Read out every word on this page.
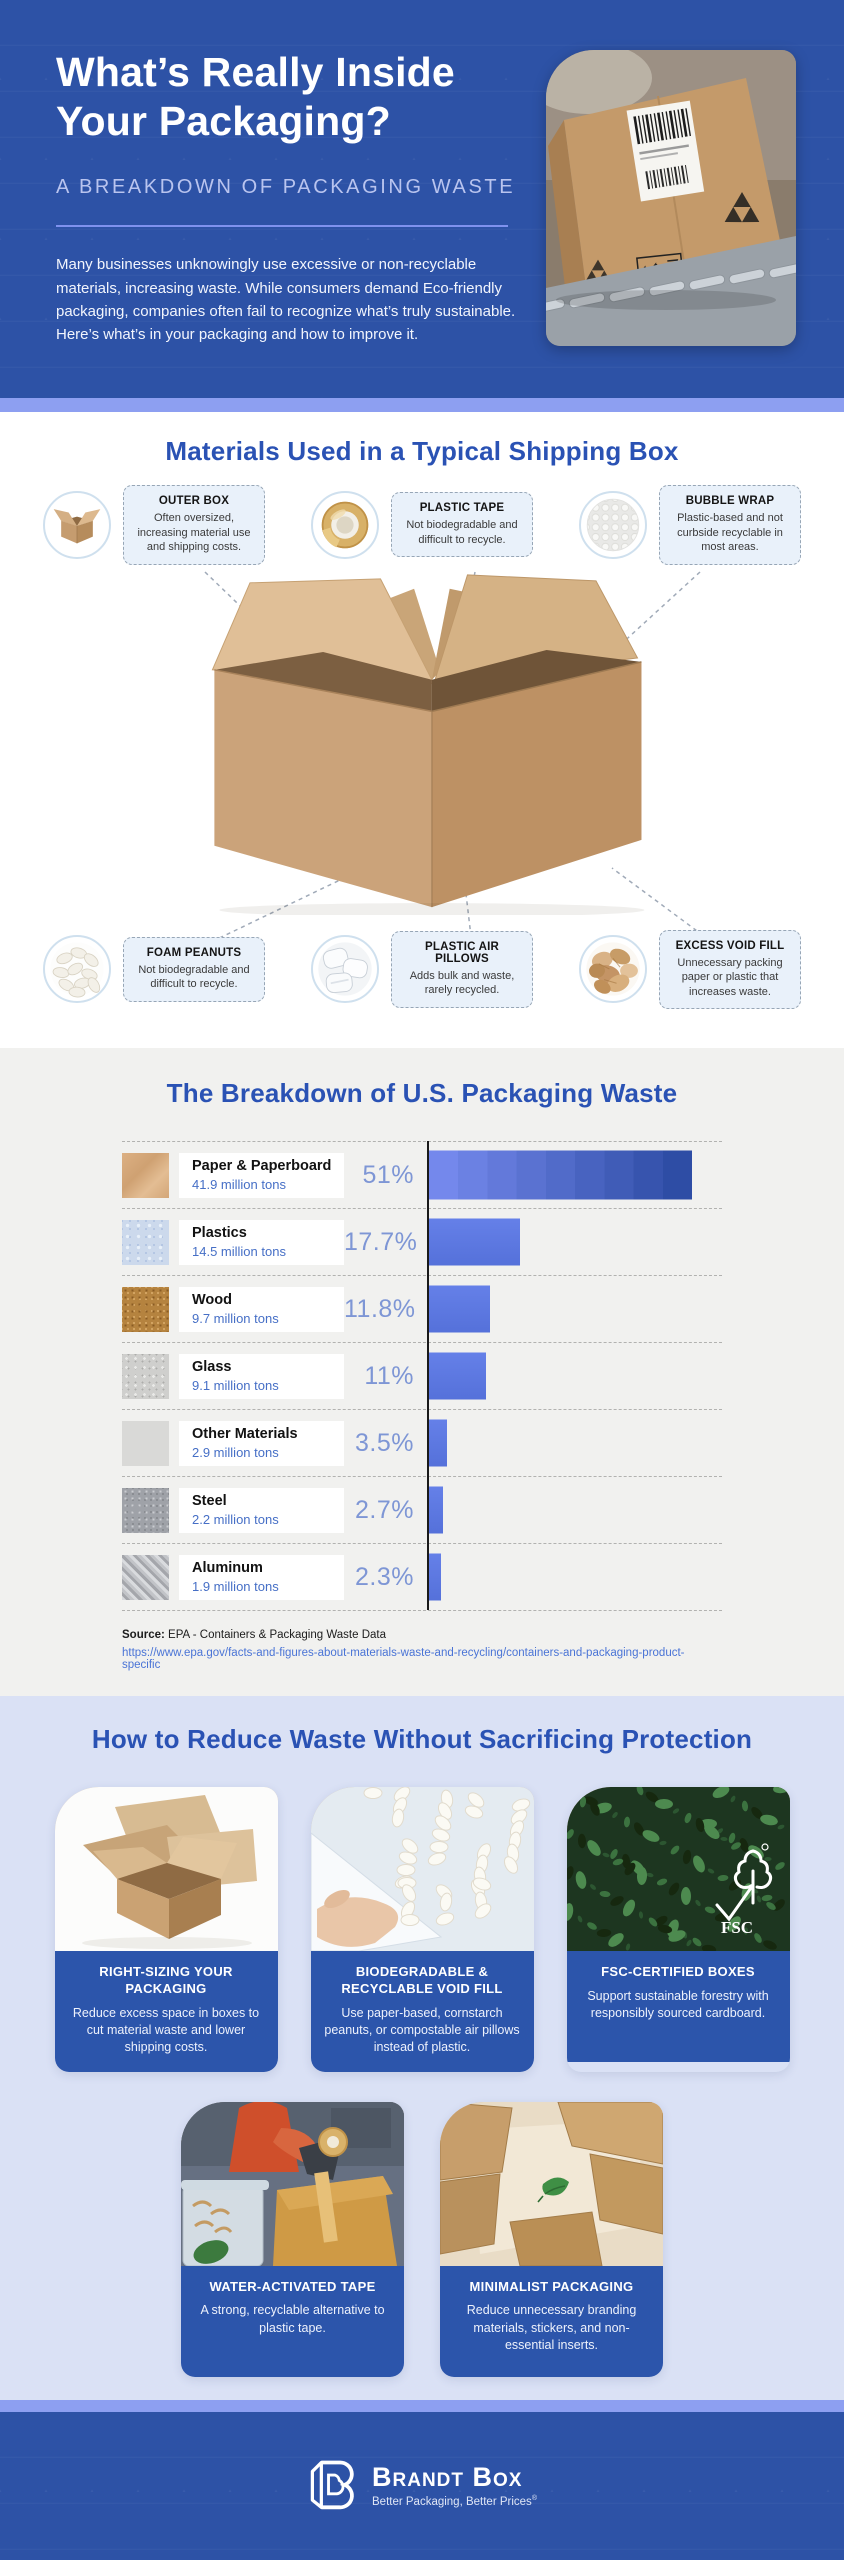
What’s Really Inside
Your Packaging?
A BREAKDOWN OF PACKAGING WASTE

Many businesses unknowingly use excessive or non-recyclable materials, increasing waste. While consumers demand Eco-friendly packaging, companies often fail to recognize what’s truly sustainable. Here’s what’s in your packaging and how to improve it.

Materials Used in a Typical Shipping Box
OUTER BOX
Often oversized, increasing material use and shipping costs.
PLASTIC TAPE
Not biodegradable and difficult to recycle.
BUBBLE WRAP
Plastic-based and not curbside recyclable in most areas.
FOAM PEANUTS
Not biodegradable and difficult to recycle.
PLASTIC AIR PILLOWS
Adds bulk and waste, rarely recycled.
EXCESS VOID FILL
Unnecessary packing paper or plastic that increases waste.
The Breakdown of U.S. Packaging Waste
Paper & Paperboard
41.9 million tons	51%
Plastics
14.5 million tons	17.7%
Wood
9.7 million tons	11.8%
Glass
9.1 million tons	11%
Other Materials
2.9 million tons	3.5%
Steel
2.2 million tons	2.7%
Aluminum
1.9 million tons	2.3%
Source: EPA - Containers & Packaging Waste Data
https://www.epa.gov/facts-and-figures-about-materials-waste-and-recycling/containers-and-packaging-product-specific
How to Reduce Waste Without Sacrificing Protection
RIGHT-SIZING YOUR PACKAGING
Reduce excess space in boxes to cut material waste and lower shipping costs.
BIODEGRADABLE & RECYCLABLE VOID FILL
Use paper-based, cornstarch peanuts, or compostable air pillows instead of plastic.
FSC
FSC-CERTIFIED BOXES
Support sustainable forestry with responsibly sourced cardboard.
WATER-ACTIVATED TAPE
A strong, recyclable alternative to plastic tape.
MINIMALIST PACKAGING
Reduce unnecessary branding materials, stickers, and non-essential inserts.
Brandt Box
Better Packaging, Better Prices®
